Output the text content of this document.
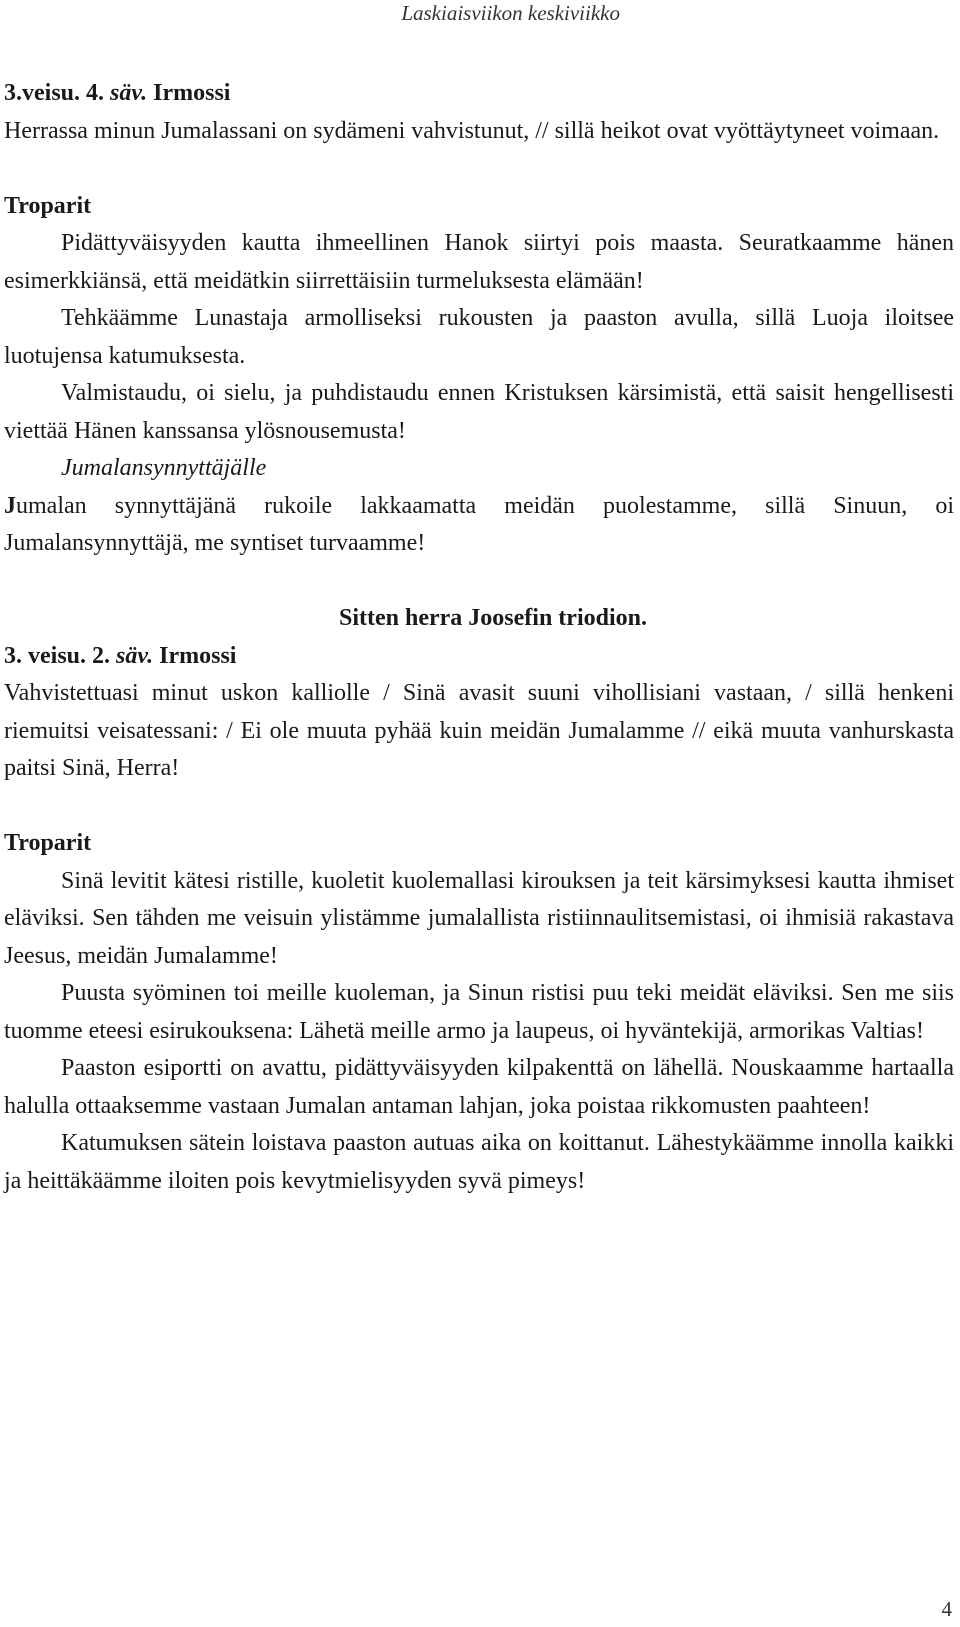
Laskiaisviikon keskiviikko
3.veisu. 4. säv. Irmossi

Herrassa minun Jumalassani on sydämeni vahvistunut, // sillä heikot ovat vyöttäytyneet voimaan.

Troparit

Pidättyväisyyden kautta ihmeellinen Hanok siirtyi pois maasta. Seuratkaamme hänen esimerkkiänsä, että meidätkin siirrettäisiin turmeluksesta elämään!

Tehkäämme Lunastaja armolliseksi rukousten ja paaston avulla, sillä Luoja iloitsee luotujensa katumuksesta.

Valmistaudu, oi sielu, ja puhdistaudu ennen Kristuksen kärsimistä, että saisit hengellisesti viettää Hänen kanssansa ylösnousemusta!

Jumalansynnyttäjälle

Jumalan synnyttäjänä rukoile lakkaamatta meidän puolestamme, sillä Sinuun, oi Jumalansynnyttäjä, me syntiset turvaamme!

Sitten herra Joosefin triodion.
3. veisu. 2. säv. Irmossi

Vahvistettuasi minut uskon kalliolle / Sinä avasit suuni vihollisiani vastaan, / sillä henkeni riemuitsi veisatessani: / Ei ole muuta pyhää kuin meidän Jumalamme // eikä muuta vanhurskasta paitsi Sinä, Herra!

Troparit

Sinä levitit kätesi ristille, kuoletit kuolemallasi kirouksen ja teit kärsimyksesi kautta ihmiset eläviksi. Sen tähden me veisuin ylistämme jumalallista ristiinnaulitsemistasi, oi ihmisiä rakastava Jeesus, meidän Jumalamme!

Puusta syöminen toi meille kuoleman, ja Sinun ristisi puu teki meidät eläviksi. Sen me siis tuomme eteesi esirukouksena: Lähetä meille armo ja laupeus, oi hyväntekijä, armorikas Valtias!

Paaston esiportti on avattu, pidättyväisyyden kilpakenttä on lähellä. Nouskaamme hartaalla halulla ottaaksemme vastaan Jumalan antaman lahjan, joka poistaa rikkomusten paahteen!

Katumuksen sätein loistava paaston autuas aika on koittanut. Lähestykäämme innolla kaikki ja heittäkäämme iloiten pois kevytmielisyyden syvä pimeys!

4
